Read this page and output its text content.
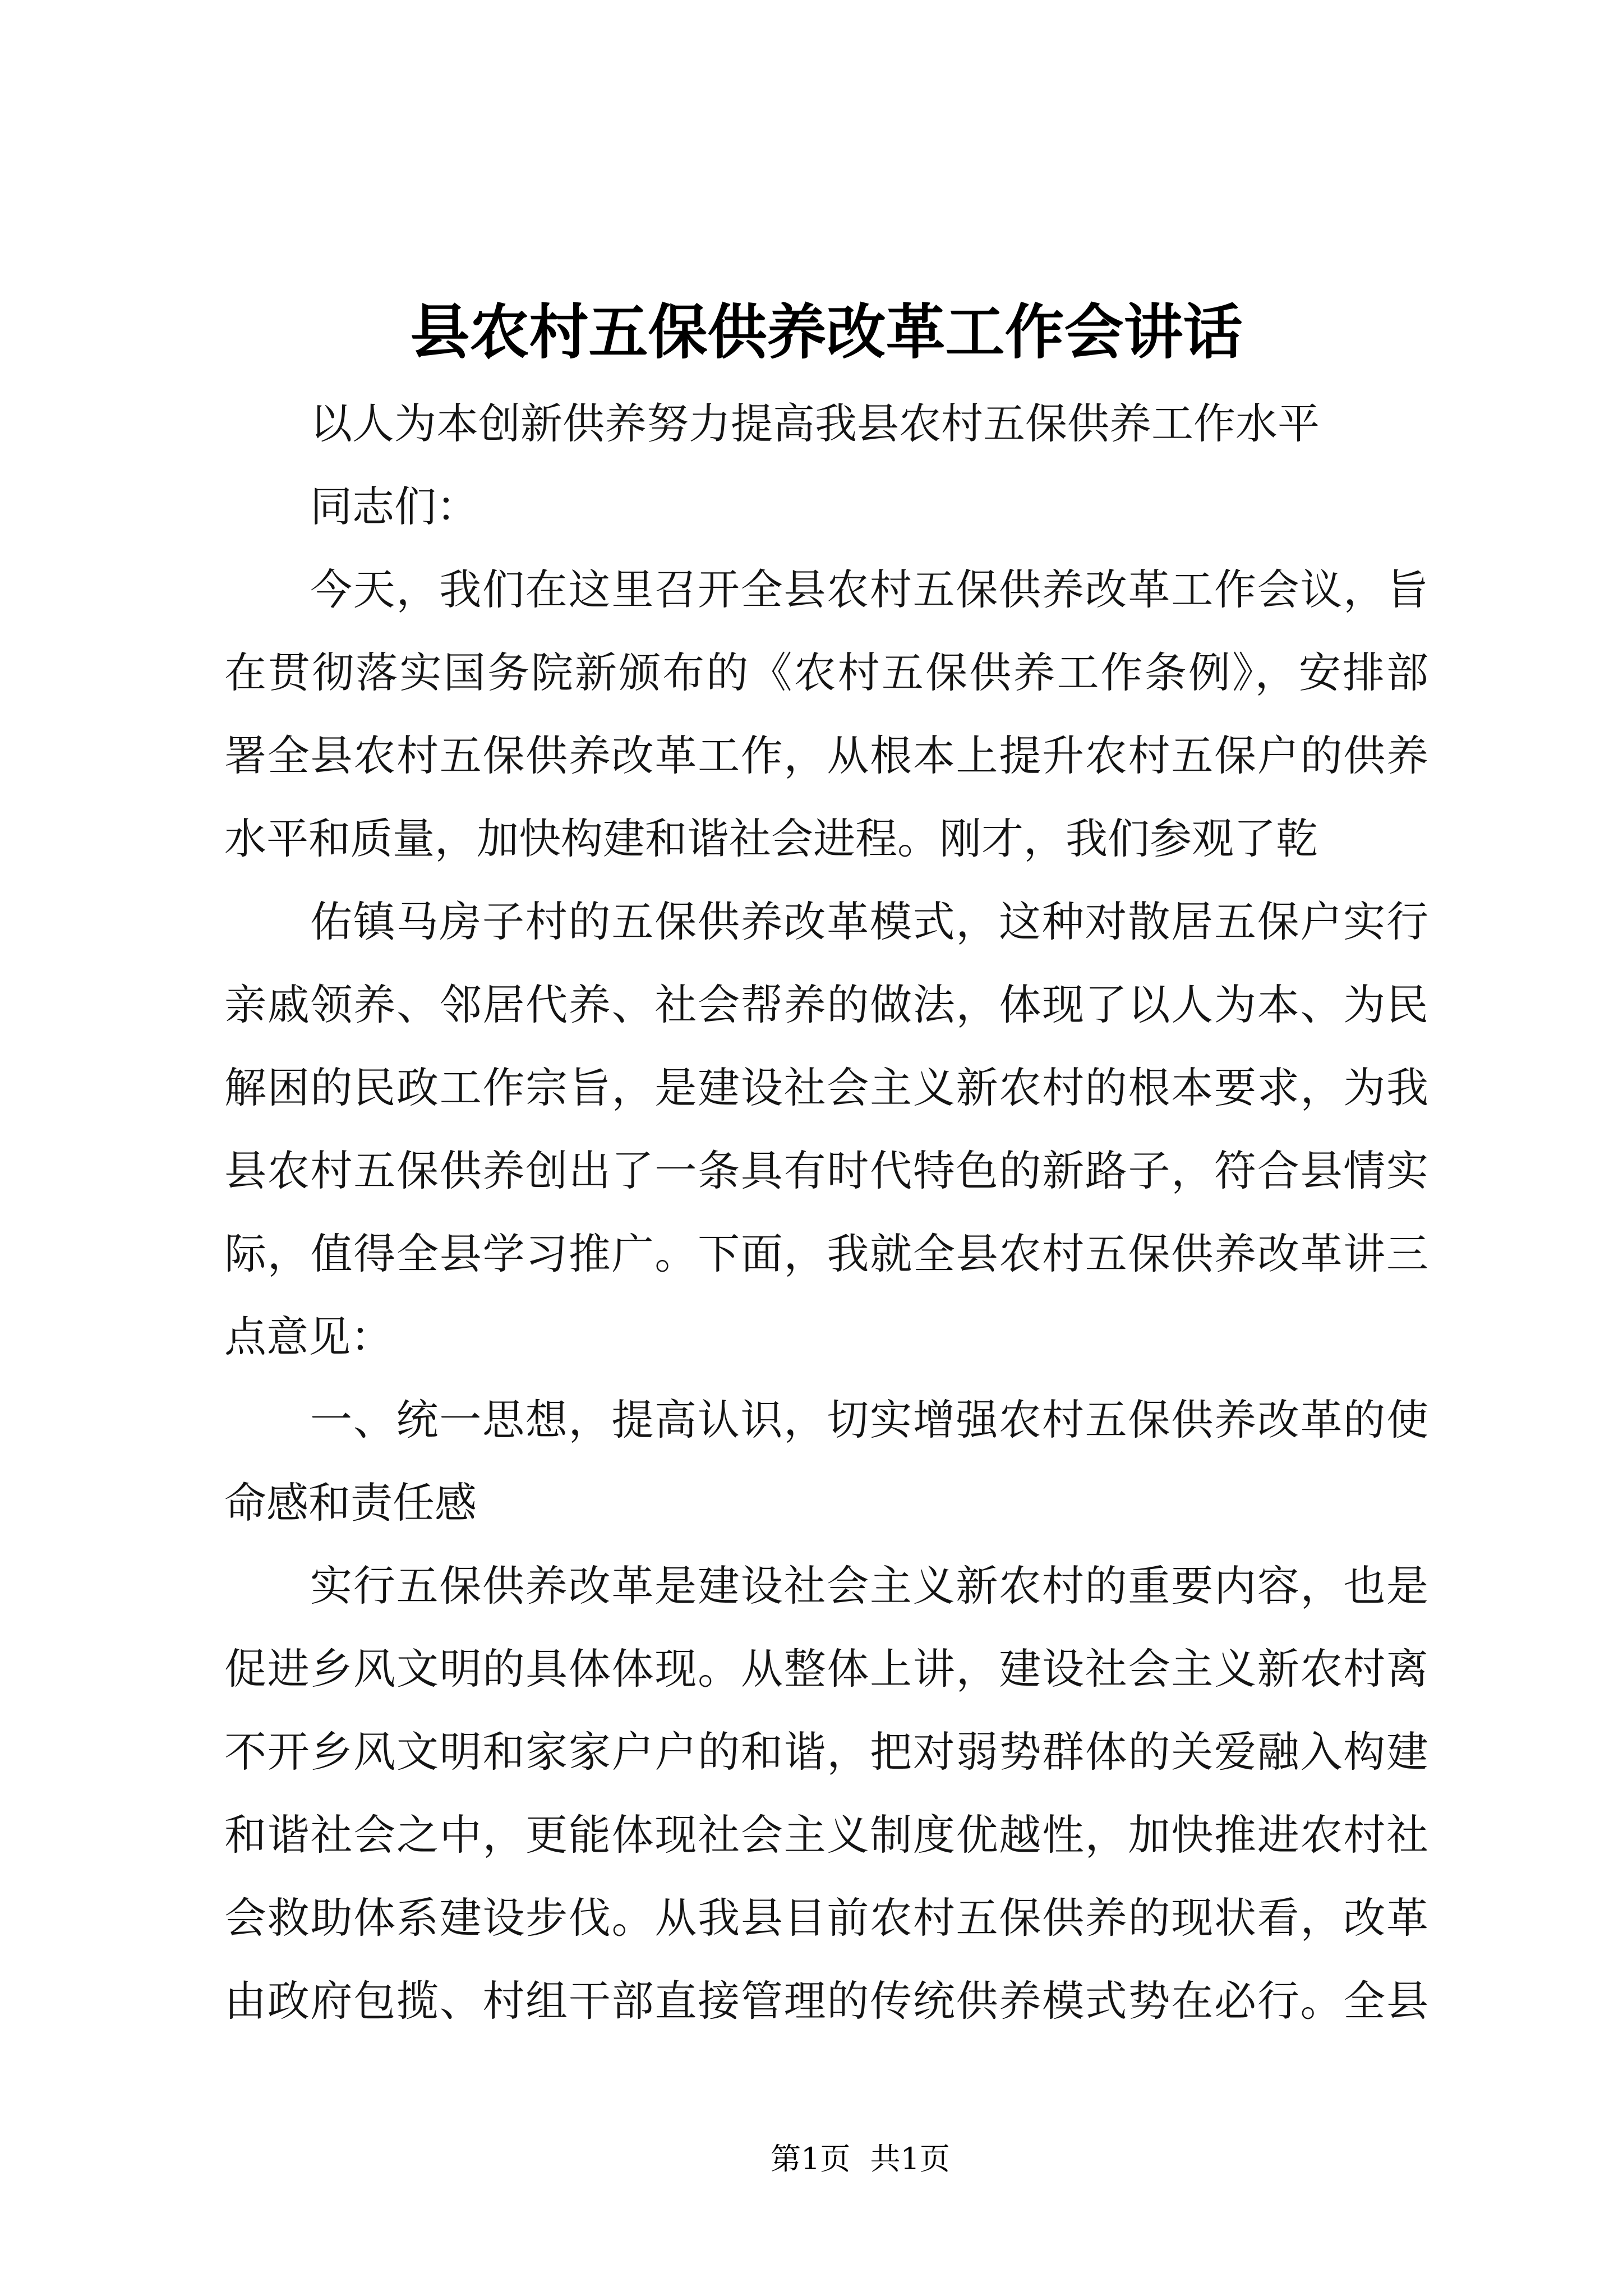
县农村五保供养改革工作会讲话
以人为本创新供养努力提高我县农村五保供养工作水平
同志们：
今天，我们在这里召开全县农村五保供养改革工作会议，旨
在贯彻落实国务院新颁布的《农村五保供养工作条例》，安排部
署全县农村五保供养改革工作，从根本上提升农村五保户的供养
水平和质量，加快构建和谐社会进程。刚才，我们参观了乾
佑镇马房子村的五保供养改革模式，这种对散居五保户实行
亲戚领养、邻居代养、社会帮养的做法，体现了以人为本、为民
解困的民政工作宗旨，是建设社会主义新农村的根本要求，为我
县农村五保供养创出了一条具有时代特色的新路子，符合县情实
际，值得全县学习推广。下面，我就全县农村五保供养改革讲三
点意见：
一、统一思想，提高认识，切实增强农村五保供养改革的使
命感和责任感
实行五保供养改革是建设社会主义新农村的重要内容，也是
促进乡风文明的具体体现。从整体上讲，建设社会主义新农村离
不开乡风文明和家家户户的和谐，把对弱势群体的关爱融入构建
和谐社会之中，更能体现社会主义制度优越性，加快推进农村社
会救助体系建设步伐。从我县目前农村五保供养的现状看，改革
由政府包揽、村组干部直接管理的传统供养模式势在必行。全县
第1页 共1页
